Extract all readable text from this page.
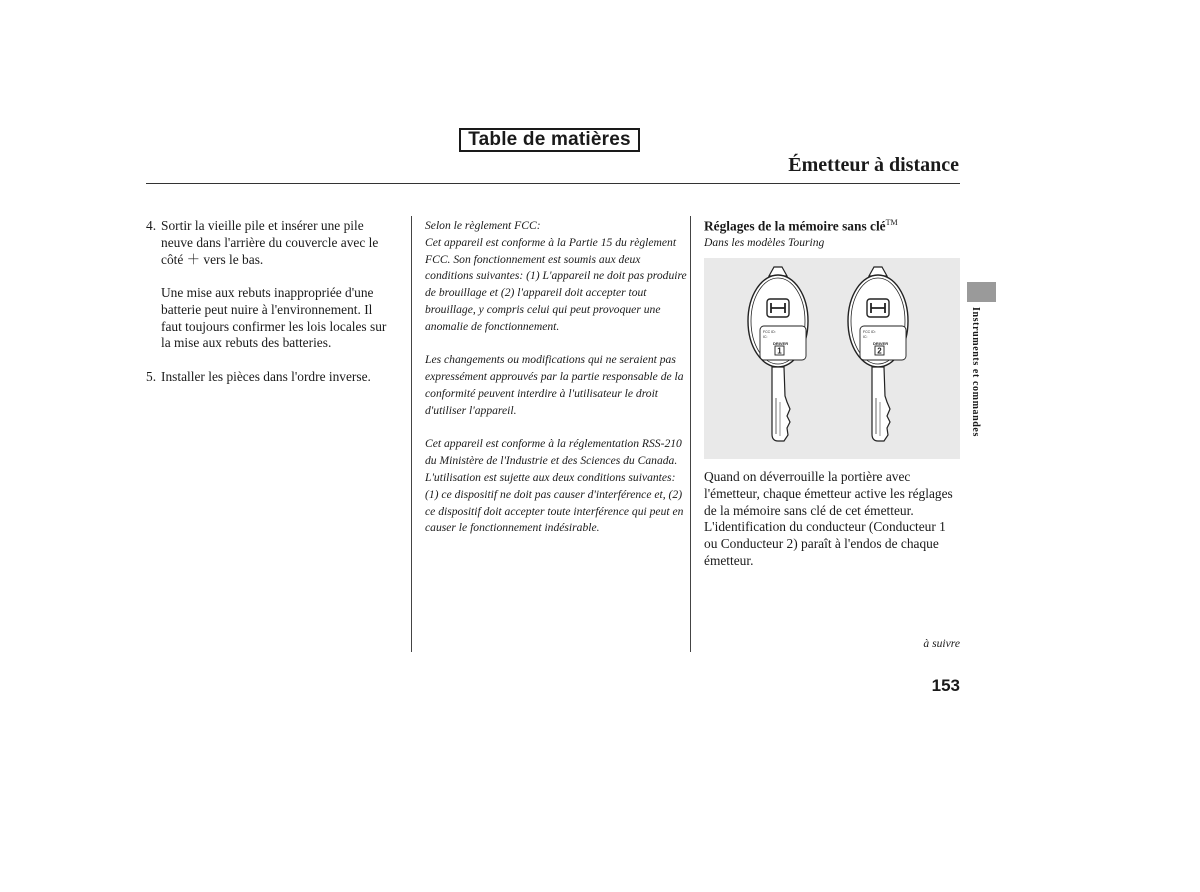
Table de matières
Émetteur à distance
4. Sortir la vieille pile et insérer une pile neuve dans l'arrière du couvercle avec le côté ＋ vers le bas.
Une mise aux rebuts inappropriée d'une batterie peut nuire à l'environnement. Il faut toujours confirmer les lois locales sur la mise aux rebuts des batteries.
5. Installer les pièces dans l'ordre inverse.

Selon le règlement FCC:
Cet appareil est conforme à la Partie 15 du règlement FCC. Son fonctionnement est soumis aux deux conditions suivantes: (1) L'appareil ne doit pas produire de brouillage et (2) l'appareil doit accepter tout brouillage, y compris celui qui peut provoquer une anomalie de fonctionnement.

Les changements ou modifications qui ne seraient pas expressément approuvés par la partie responsable de la conformité peuvent interdire à l'utilisateur le droit d'utiliser l'appareil.

Cet appareil est conforme à la réglementation RSS-210 du Ministère de l'Industrie et des Sciences du Canada.

L'utilisation est sujette aux deux conditions suivantes: (1) ce dispositif ne doit pas causer d'interférence et, (2) ce dispositif doit accepter toute interférence qui peut en causer le fonctionnement indésirable.

Réglages de la mémoire sans clé™
Dans les modèles Touring
FCC ID:
IC:
DRIVER
1
FCC ID:
IC:
DRIVER
2
Quand on déverrouille la portière avec l'émetteur, chaque émetteur active les réglages de la mémoire sans clé de cet émetteur. L'identification du conducteur (Conducteur 1 ou Conducteur 2) paraît à l'endos de chaque émetteur.
à suivre
153
Instruments et commandes
